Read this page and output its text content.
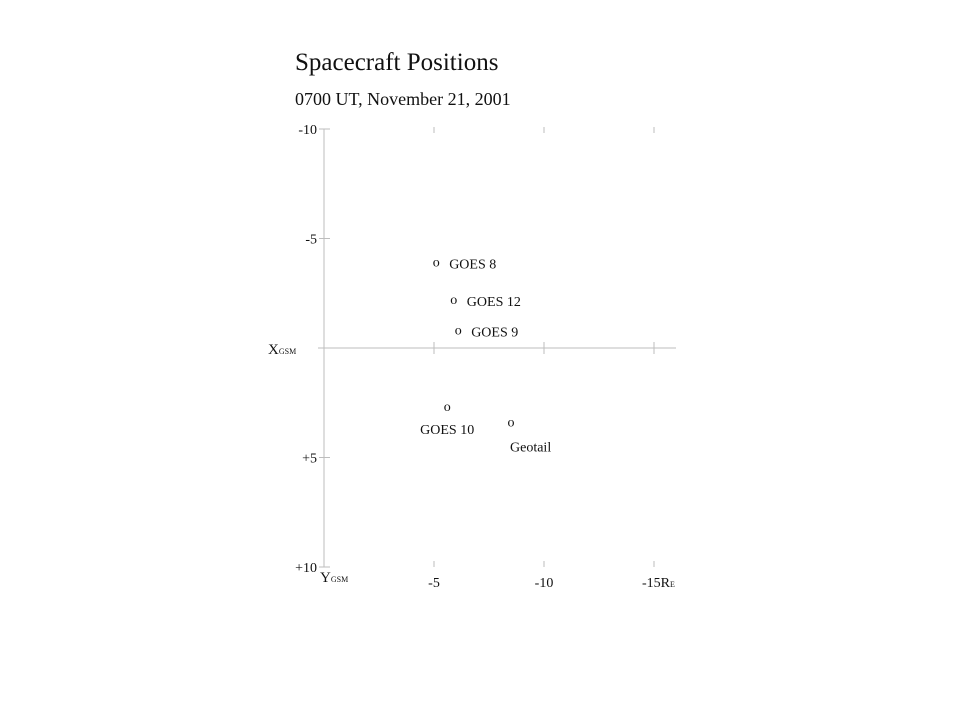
Spacecraft Positions
0700 UT, November 21, 2001
-10
-5
+5
+10
-5	-10	-15RE
XGSM
YGSM
o GOES 8
o GOES 12
o GOES 9
o
GOES 10
o
Geotail
